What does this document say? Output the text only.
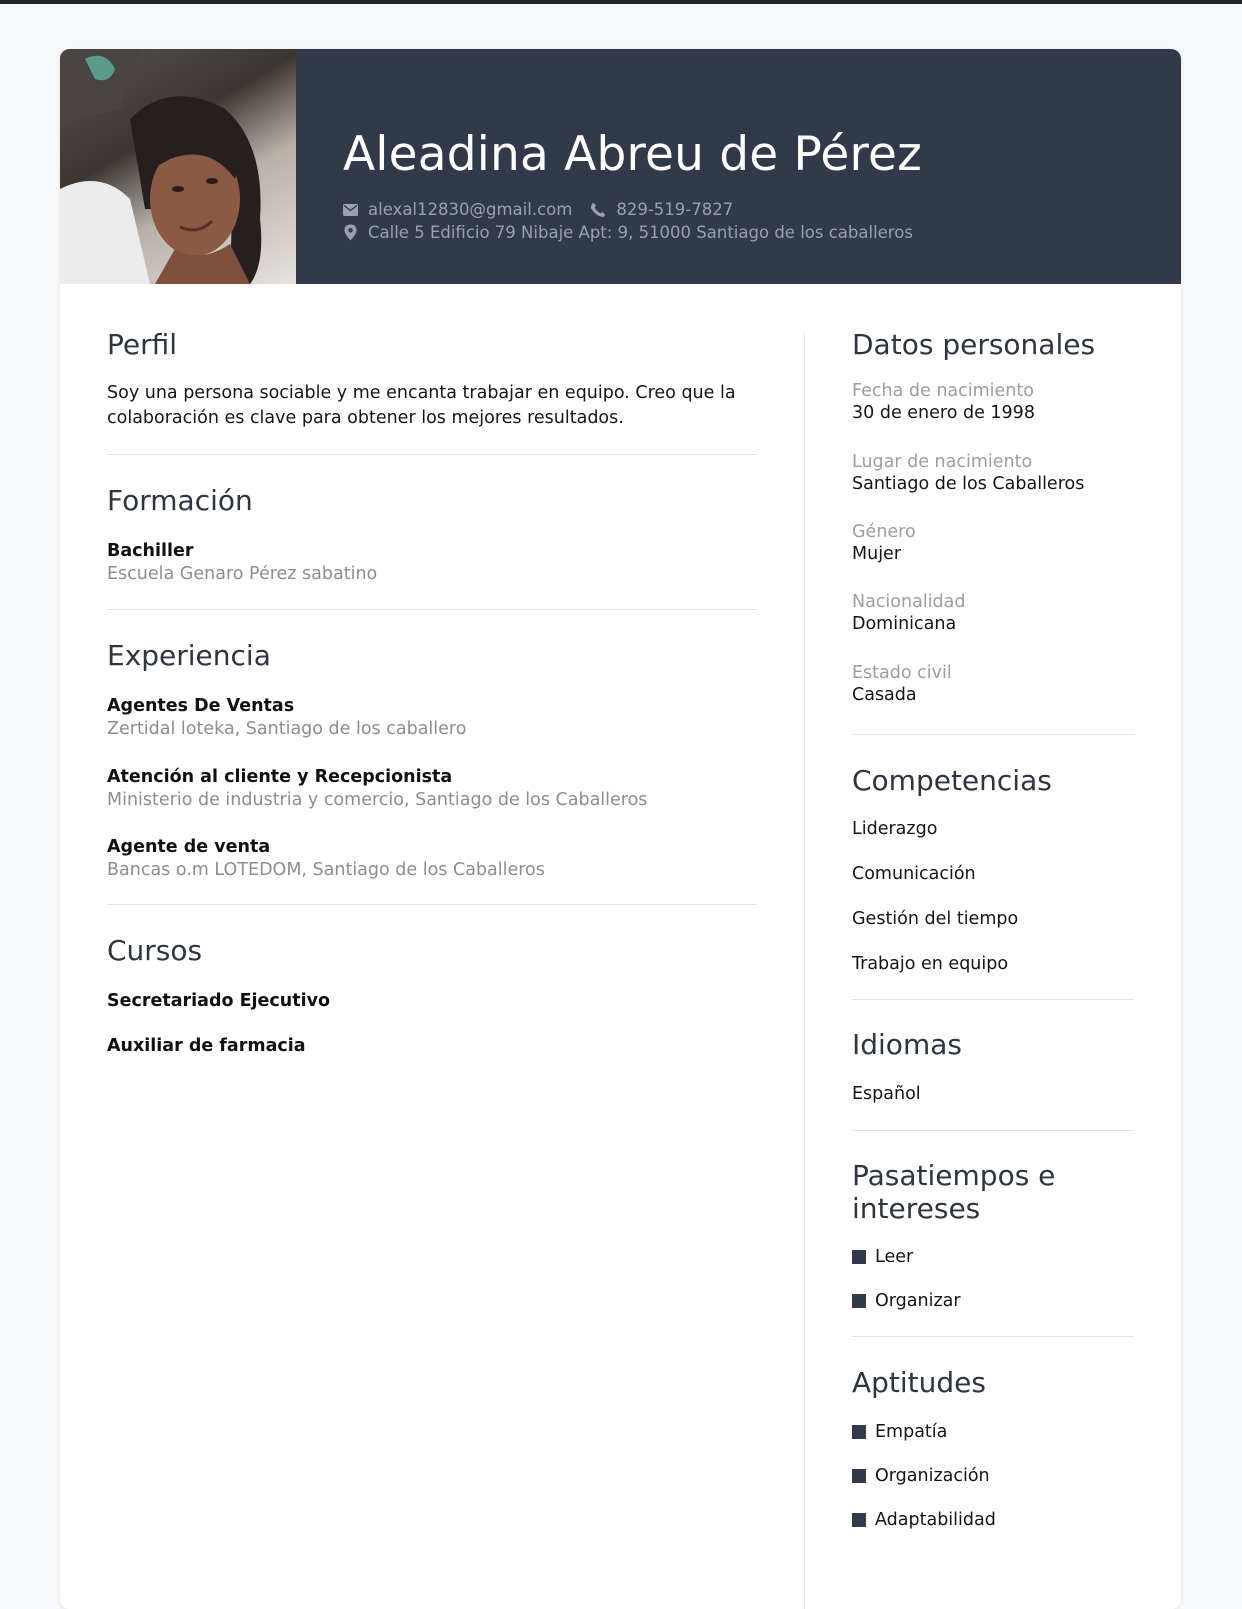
Aleadina Abreu de Pérez
alexal12830@gmail.com	829-519-7827
Calle 5 Edificio 79 Nibaje Apt: 9, 51000 Santiago de los caballeros
Perfil

Soy una persona sociable y me encanta trabajar en equipo. Creo que la colaboración es clave para obtener los mejores resultados.

Formación
Bachiller
Escuela Genaro Pérez sabatino
Experiencia
Agentes De Ventas
Zertidal loteka, Santiago de los caballero
Atención al cliente y Recepcionista
Ministerio de industria y comercio, Santiago de los Caballeros
Agente de venta
Bancas o.m LOTEDOM, Santiago de los Caballeros
Cursos
Secretariado Ejecutivo
Auxiliar de farmacia
Datos personales
Fecha de nacimiento
30 de enero de 1998
Lugar de nacimiento
Santiago de los Caballeros
Género
Mujer
Nacionalidad
Dominicana
Estado civil
Casada
Competencias
Liderazgo
Comunicación
Gestión del tiempo
Trabajo en equipo
Idiomas
Español
Pasatiempos e
intereses
Leer
Organizar
Aptitudes
Empatía
Organización
Adaptabilidad
